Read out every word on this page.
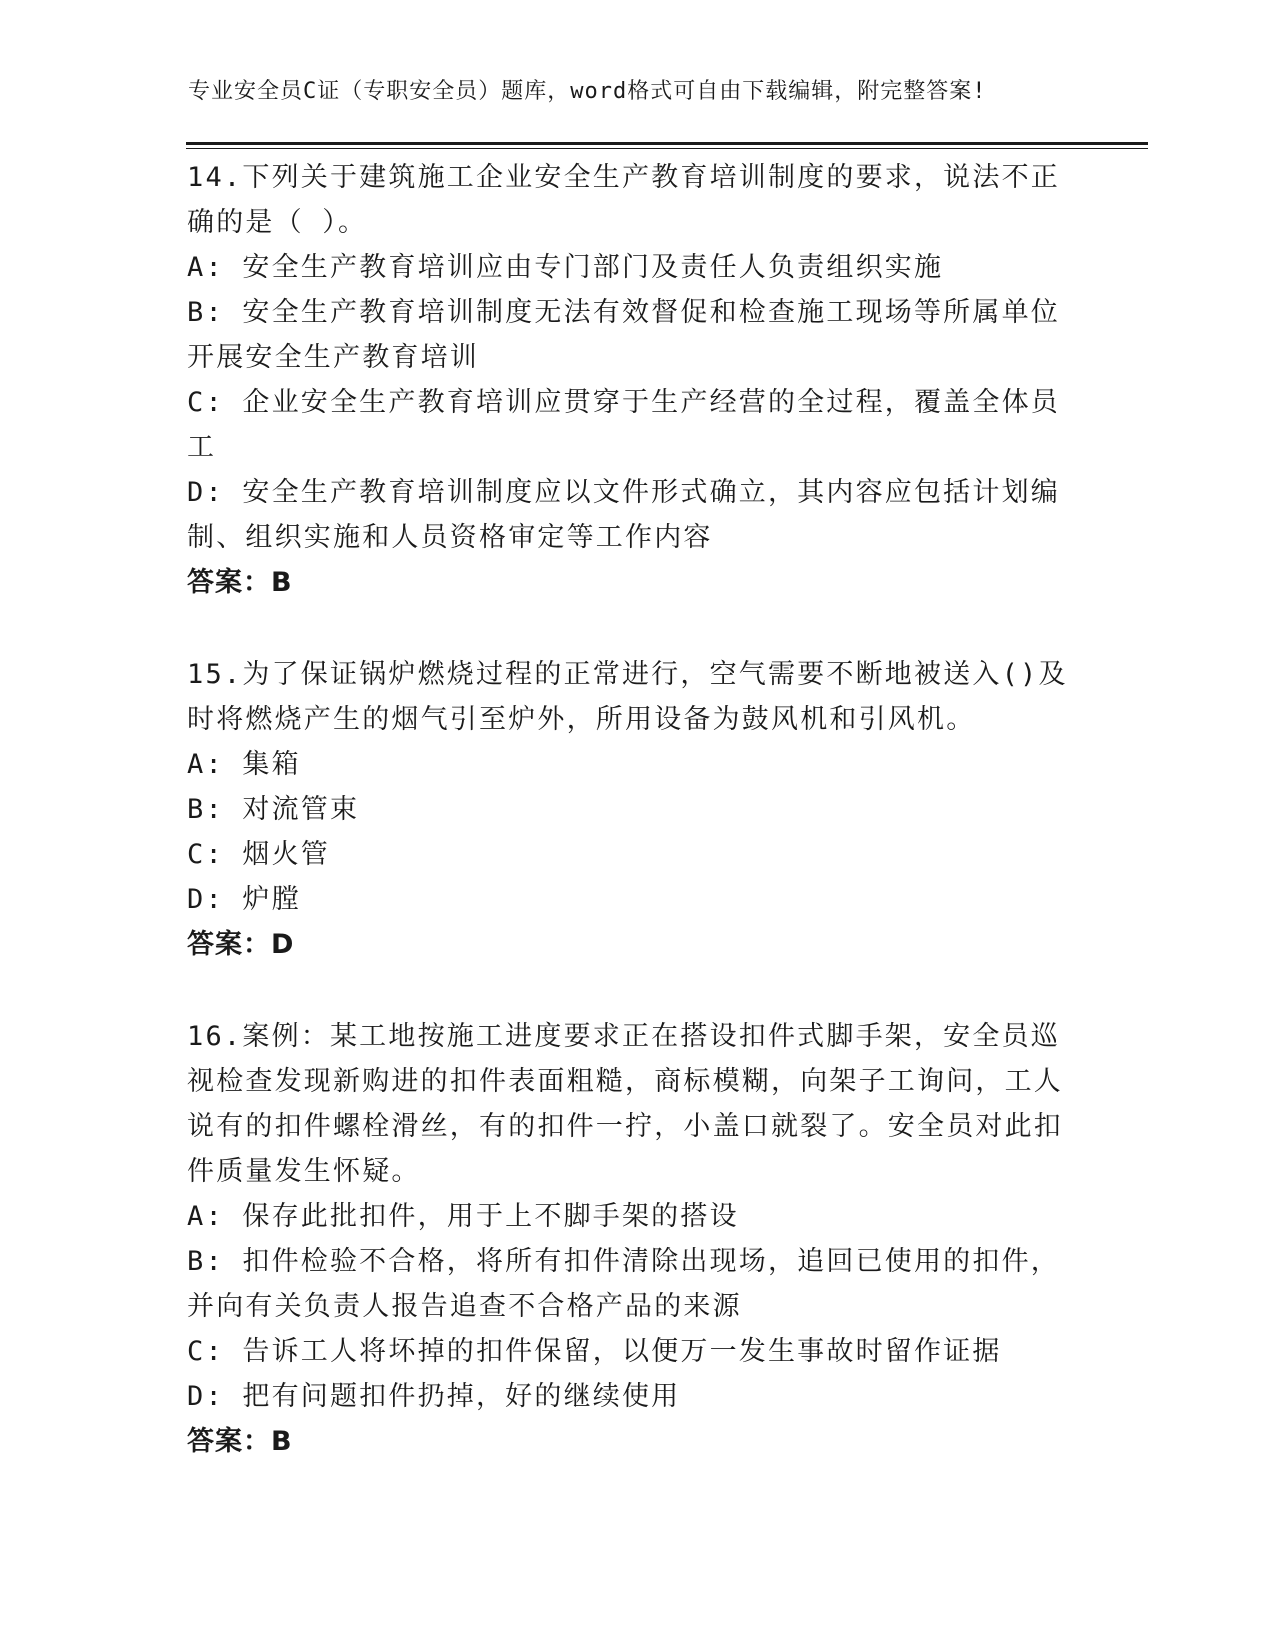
专业安全员C证（专职安全员）题库，word格式可自由下载编辑，附完整答案!

14.下列关于建筑施工企业安全生产教育培训制度的要求，说法不正确的是（ ）。

A: 安全生产教育培训应由专门部门及责任人负责组织实施

B: 安全生产教育培训制度无法有效督促和检查施工现场等所属单位开展安全生产教育培训

C: 企业安全生产教育培训应贯穿于生产经营的全过程，覆盖全体员工

D: 安全生产教育培训制度应以文件形式确立，其内容应包括计划编制、组织实施和人员资格审定等工作内容

答案：B

15.为了保证锅炉燃烧过程的正常进行，空气需要不断地被送入()及时将燃烧产生的烟气引至炉外，所用设备为鼓风机和引风机。

A: 集箱

B: 对流管束

C: 烟火管

D: 炉膛

答案：D

16.案例：某工地按施工进度要求正在搭设扣件式脚手架，安全员巡视检查发现新购进的扣件表面粗糙，商标模糊，向架子工询问，工人说有的扣件螺栓滑丝，有的扣件一拧，小盖口就裂了。安全员对此扣件质量发生怀疑。

A: 保存此批扣件，用于上不脚手架的搭设

B: 扣件检验不合格，将所有扣件清除出现场，追回已使用的扣件，并向有关负责人报告追查不合格产品的来源

C: 告诉工人将坏掉的扣件保留，以便万一发生事故时留作证据

D: 把有问题扣件扔掉，好的继续使用

答案：B
